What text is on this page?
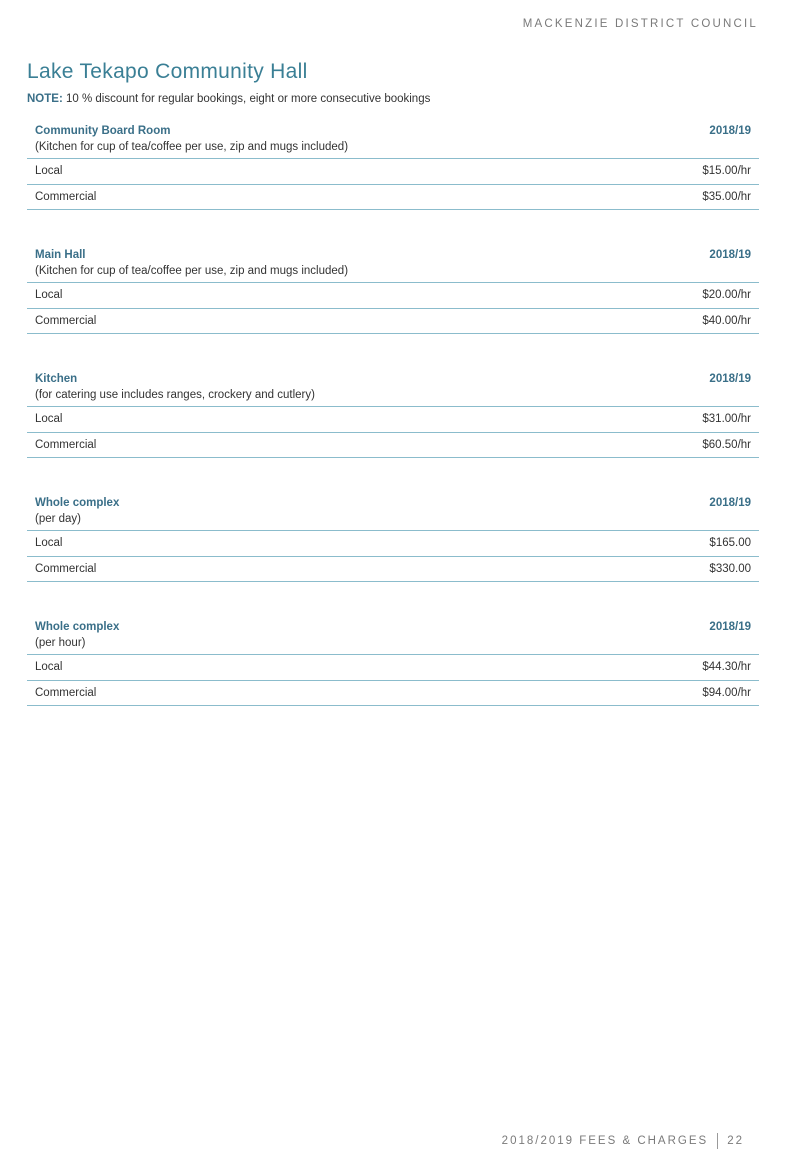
MACKENZIE DISTRICT COUNCIL
Lake Tekapo Community Hall
NOTE: 10 % discount for regular bookings, eight or more consecutive bookings
Community Board Room
(Kitchen for cup of tea/coffee per use, zip and mugs included)
2018/19
Local	$15.00/hr
Commercial	$35.00/hr
Main Hall
(Kitchen for cup of tea/coffee per use, zip and mugs included)
2018/19
Local	$20.00/hr
Commercial	$40.00/hr
Kitchen
(for catering use includes ranges, crockery and cutlery)
2018/19
Local	$31.00/hr
Commercial	$60.50/hr
Whole complex
(per day)
2018/19
Local	$165.00
Commercial	$330.00
Whole complex
(per hour)
2018/19
Local	$44.30/hr
Commercial	$94.00/hr
2018/2019 FEES & CHARGES 22
